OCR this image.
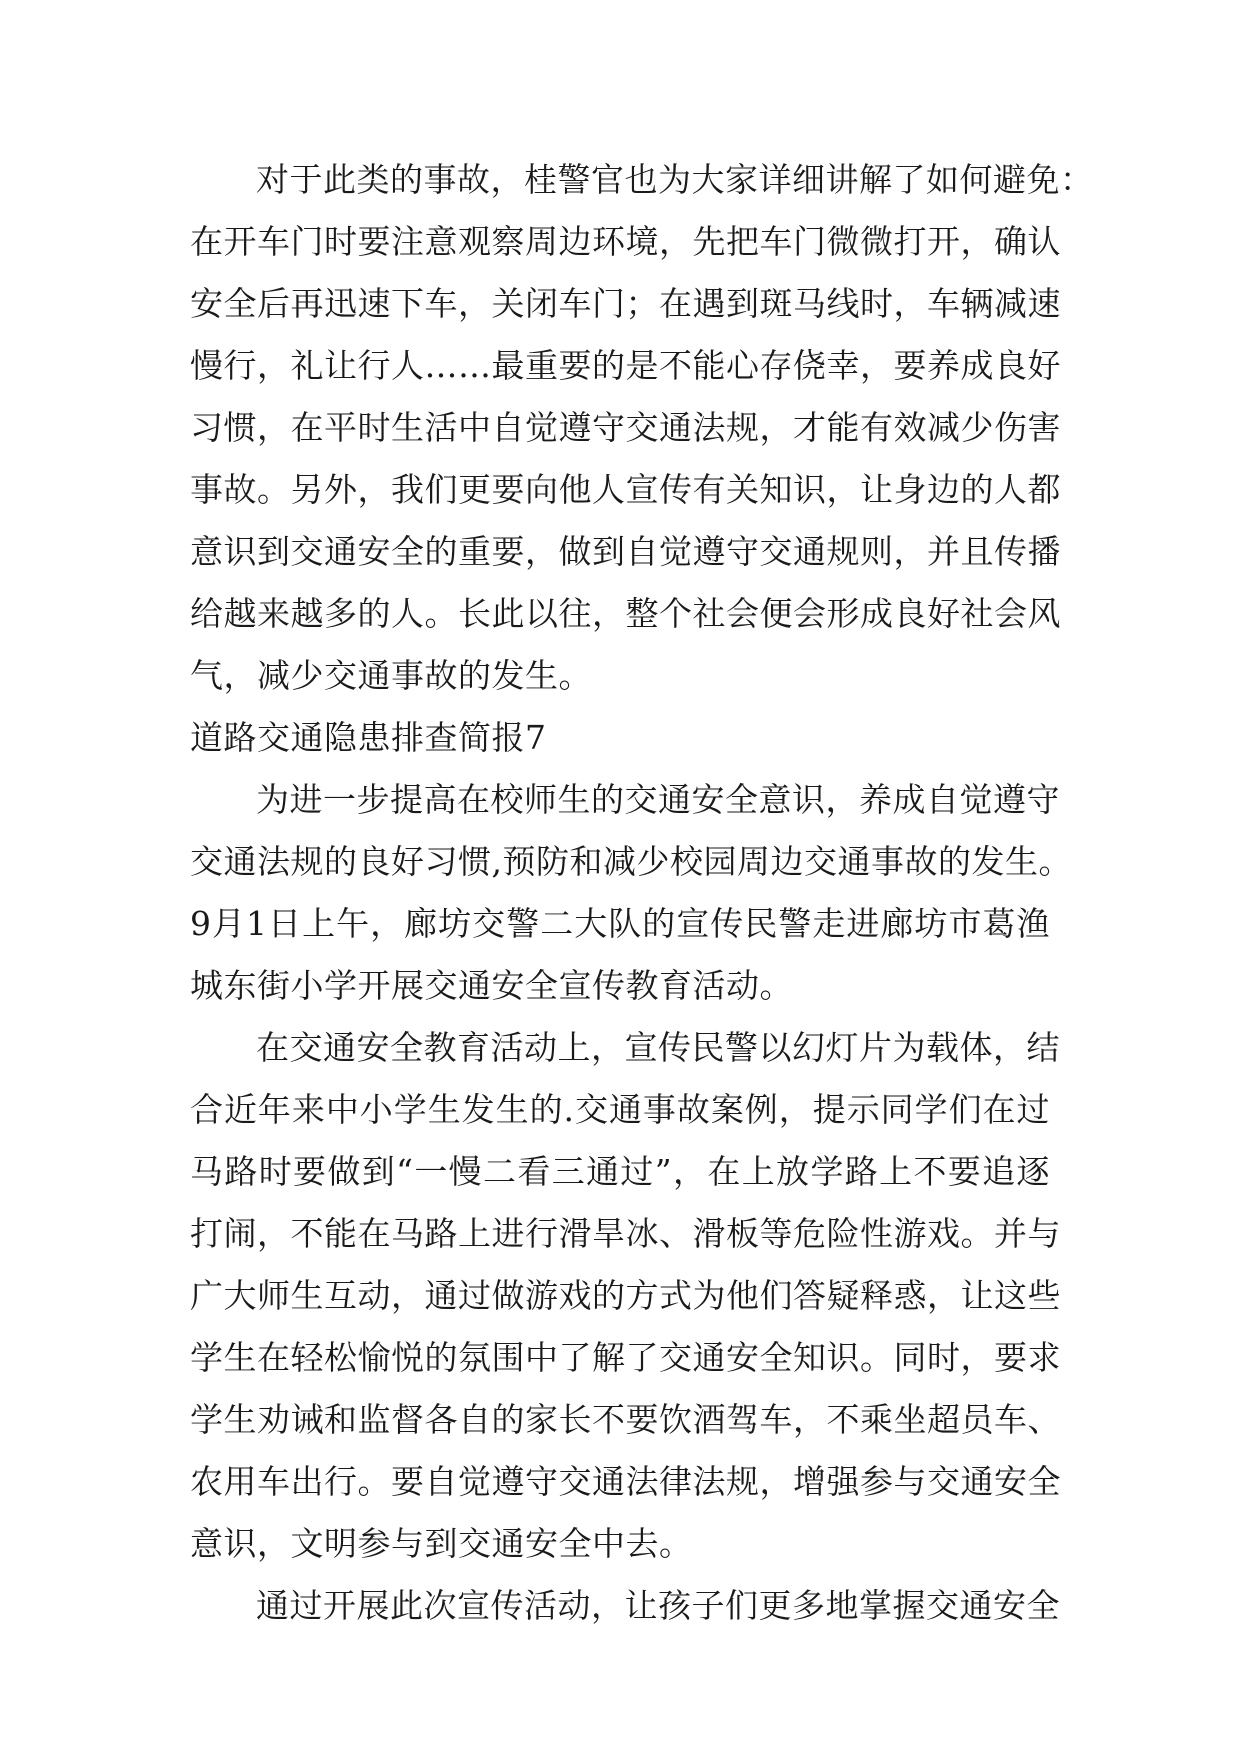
对于此类的事故，桂警官也为大家详细讲解了如何避免：
在开车门时要注意观察周边环境，先把车门微微打开，确认
安全后再迅速下车，关闭车门；在遇到斑马线时，车辆减速
慢行，礼让行人……最重要的是不能心存侥幸，要养成良好
习惯，在平时生活中自觉遵守交通法规，才能有效减少伤害
事故。另外，我们更要向他人宣传有关知识，让身边的人都
意识到交通安全的重要，做到自觉遵守交通规则，并且传播
给越来越多的人。长此以往，整个社会便会形成良好社会风
气，减少交通事故的发生。
道路交通隐患排查简报7
为进一步提高在校师生的交通安全意识，养成自觉遵守
交通法规的良好习惯,预防和减少校园周边交通事故的发生。
9月1日上午，廊坊交警二大队的宣传民警走进廊坊市葛渔
城东街小学开展交通安全宣传教育活动。
在交通安全教育活动上，宣传民警以幻灯片为载体，结
合近年来中小学生发生的.交通事故案例，提示同学们在过
马路时要做到“一慢二看三通过”，在上放学路上不要追逐
打闹，不能在马路上进行滑旱冰、滑板等危险性游戏。并与
广大师生互动，通过做游戏的方式为他们答疑释惑，让这些
学生在轻松愉悦的氛围中了解了交通安全知识。同时，要求
学生劝诫和监督各自的家长不要饮酒驾车，不乘坐超员车、
农用车出行。要自觉遵守交通法律法规，增强参与交通安全
意识，文明参与到交通安全中去。
通过开展此次宣传活动，让孩子们更多地掌握交通安全
